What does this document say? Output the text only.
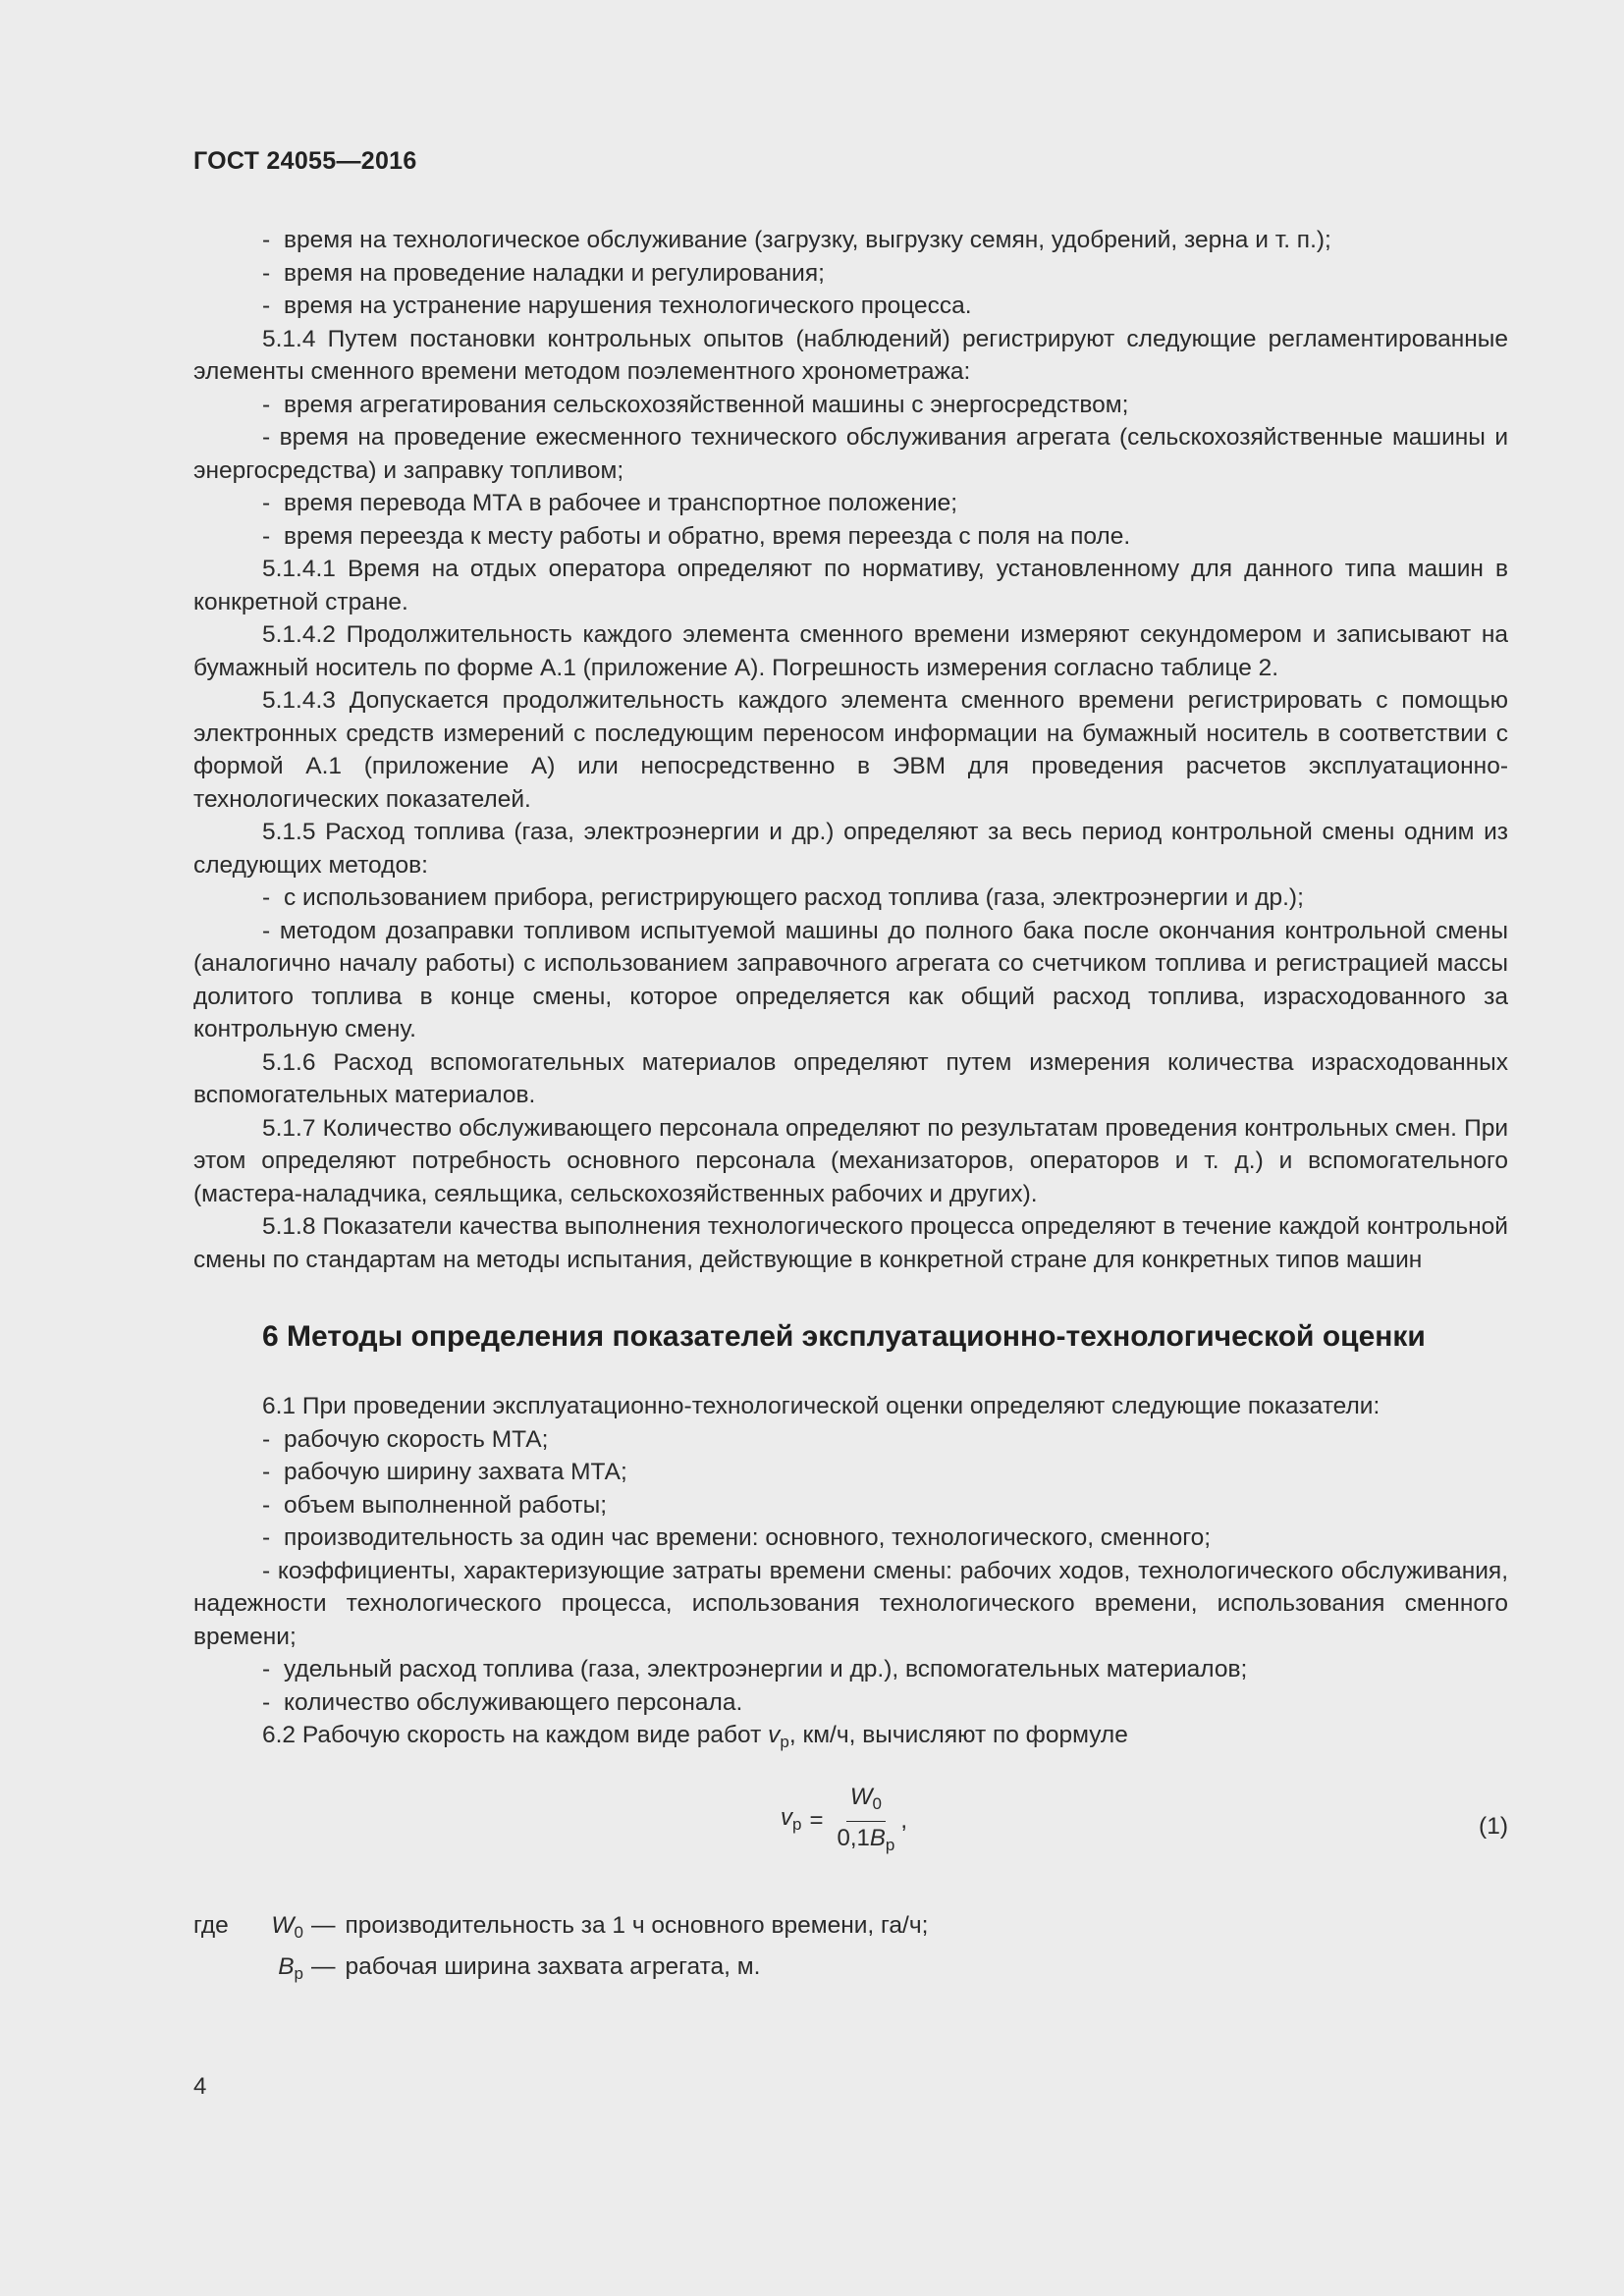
ГОСТ 24055—2016
- время на технологическое обслуживание (загрузку, выгрузку семян, удобрений, зерна и т. п.);
- время на проведение наладки и регулирования;
- время на устранение нарушения технологического процесса.

5.1.4 Путем постановки контрольных опытов (наблюдений) регистрируют следующие регламентированные элементы сменного времени методом поэлементного хронометража:

- время агрегатирования сельскохозяйственной машины с энергосредством;

- время на проведение ежесменного технического обслуживания агрегата (сельскохозяйственные машины и энергосредства) и заправку топливом;

- время перевода МТА в рабочее и транспортное положение;
- время переезда к месту работы и обратно, время переезда с поля на поле.

5.1.4.1 Время на отдых оператора определяют по нормативу, установленному для данного типа машин в конкретной стране.

5.1.4.2 Продолжительность каждого элемента сменного времени измеряют секундомером и записывают на бумажный носитель по форме А.1 (приложение А). Погрешность измерения согласно таблице 2.

5.1.4.3 Допускается продолжительность каждого элемента сменного времени регистрировать с помощью электронных средств измерений с последующим переносом информации на бумажный носитель в соответствии с формой А.1 (приложение А) или непосредственно в ЭВМ для проведения расчетов эксплуатационно-технологических показателей.

5.1.5 Расход топлива (газа, электроэнергии и др.) определяют за весь период контрольной смены одним из следующих методов:

- с использованием прибора, регистрирующего расход топлива (газа, электроэнергии и др.);

- методом дозаправки топливом испытуемой машины до полного бака после окончания контрольной смены (аналогично началу работы) с использованием заправочного агрегата со счетчиком топлива и регистрацией массы долитого топлива в конце смены, которое определяется как общий расход топлива, израсходованного за контрольную смену.

5.1.6 Расход вспомогательных материалов определяют путем измерения количества израсходованных вспомогательных материалов.

5.1.7 Количество обслуживающего персонала определяют по результатам проведения контрольных смен. При этом определяют потребность основного персонала (механизаторов, операторов и т. д.) и вспомогательного (мастера-наладчика, сеяльщика, сельскохозяйственных рабочих и других).

5.1.8 Показатели качества выполнения технологического процесса определяют в течение каждой контрольной смены по стандартам на методы испытания, действующие в конкретной стране для конкретных типов машин

6 Методы определения показателей эксплуатационно-технологической оценки

6.1 При проведении эксплуатационно-технологической оценки определяют следующие показатели:

- рабочую скорость МТА;
- рабочую ширину захвата МТА;
- объем выполненной работы;
- производительность за один час времени: основного, технологического, сменного;

- коэффициенты, характеризующие затраты времени смены: рабочих ходов, технологического обслуживания, надежности технологического процесса, использования технологического времени, использования сменного времени;

- удельный расход топлива (газа, электроэнергии и др.), вспомогательных материалов;
- количество обслуживающего персонала.

6.2 Рабочую скорость на каждом виде работ $v_р$, км/ч, вычисляют по формуле

$v_р = \frac{W_0}{0,1B_р}$ ,	(1)
где	$W_0$ — производительность за 1 ч основного времени, га/ч;
$B_р$ — рабочая ширина захвата агрегата, м.
4
